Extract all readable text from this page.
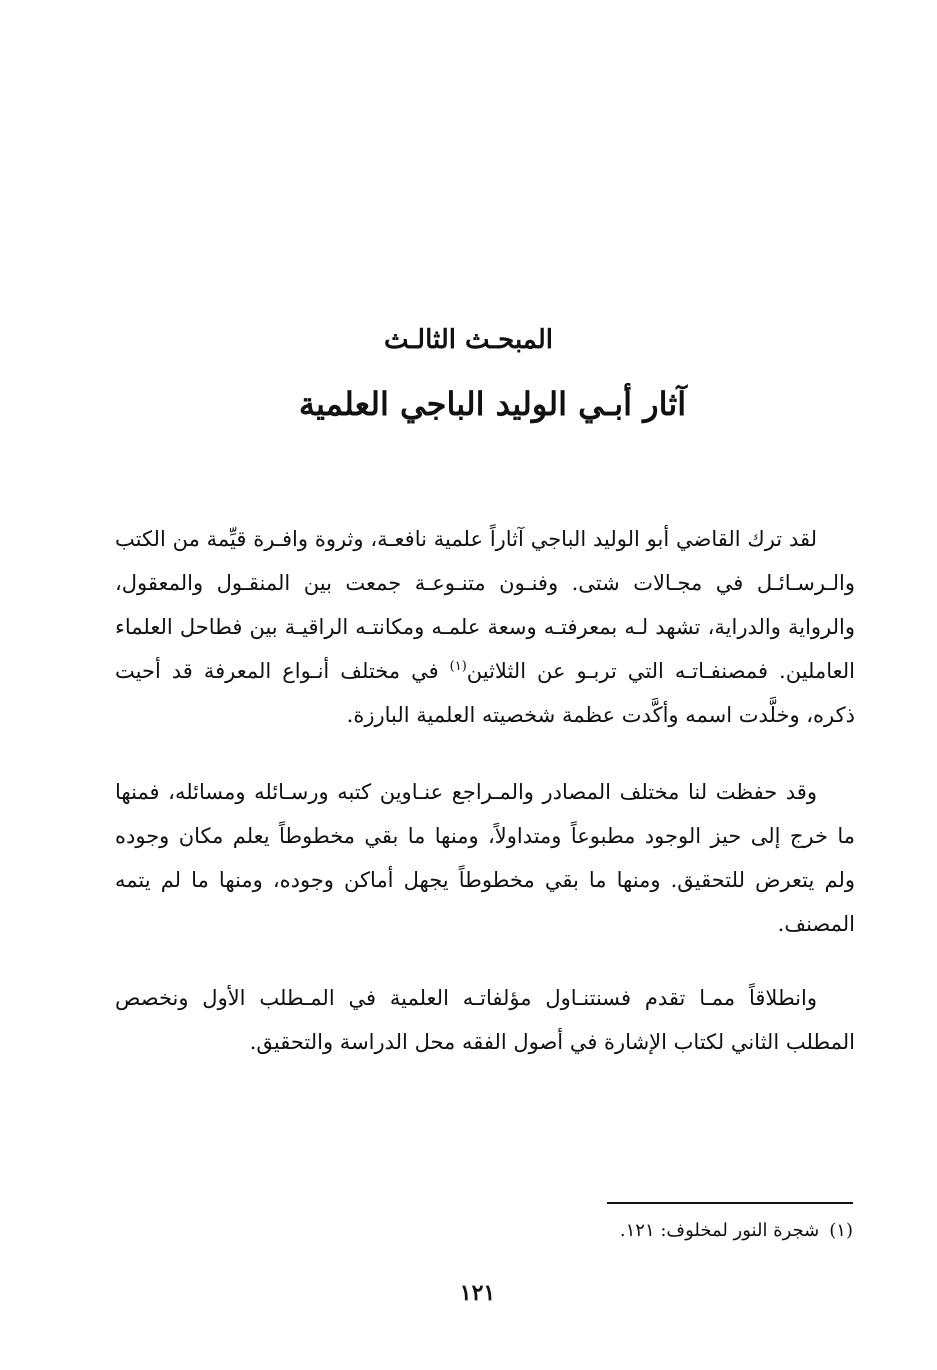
المبحـث الثالـث
آثار أبـي الوليد الباجي العلمية

لقد ترك القاضي أبو الوليد الباجي آثاراً علمية نافعـة، وثروة وافـرة قيِّمة من الكتب والـرسـائـل في مجـالات شتى. وفنـون متنـوعـة جمعت بين المنقـول والمعقول، والرواية والدراية، تشهد لـه بمعرفتـه وسعة علمـه ومكانتـه الراقيـة بين فطاحل العلماء العاملين. فمصنفـاتـه التي تربـو عن الثلاثين$^{(١)}$ في مختلف أنـواع المعرفة قد أحيت ذكره، وخلَّدت اسمه وأكَّدت عظمة شخصيته العلمية البارزة.

وقد حفظت لنا مختلف المصادر والمـراجع عنـاوين كتبه ورسـائله ومسائله، فمنها ما خرج إلى حيز الوجود مطبوعاً ومتداولاً، ومنها ما بقي مخطوطاً يعلم مكان وجوده ولم يتعرض للتحقيق. ومنها ما بقي مخطوطاً يجهل أماكن وجوده، ومنها ما لم يتمه المصنف.

وانطلاقاً ممـا تقدم فسنتنـاول مؤلفاتـه العلمية في المـطلب الأول ونخصص المطلب الثاني لكتاب الإشارة في أصول الفقه محل الدراسة والتحقيق.

(١)شجرة النور لمخلوف: ١٢١.
١٢١
